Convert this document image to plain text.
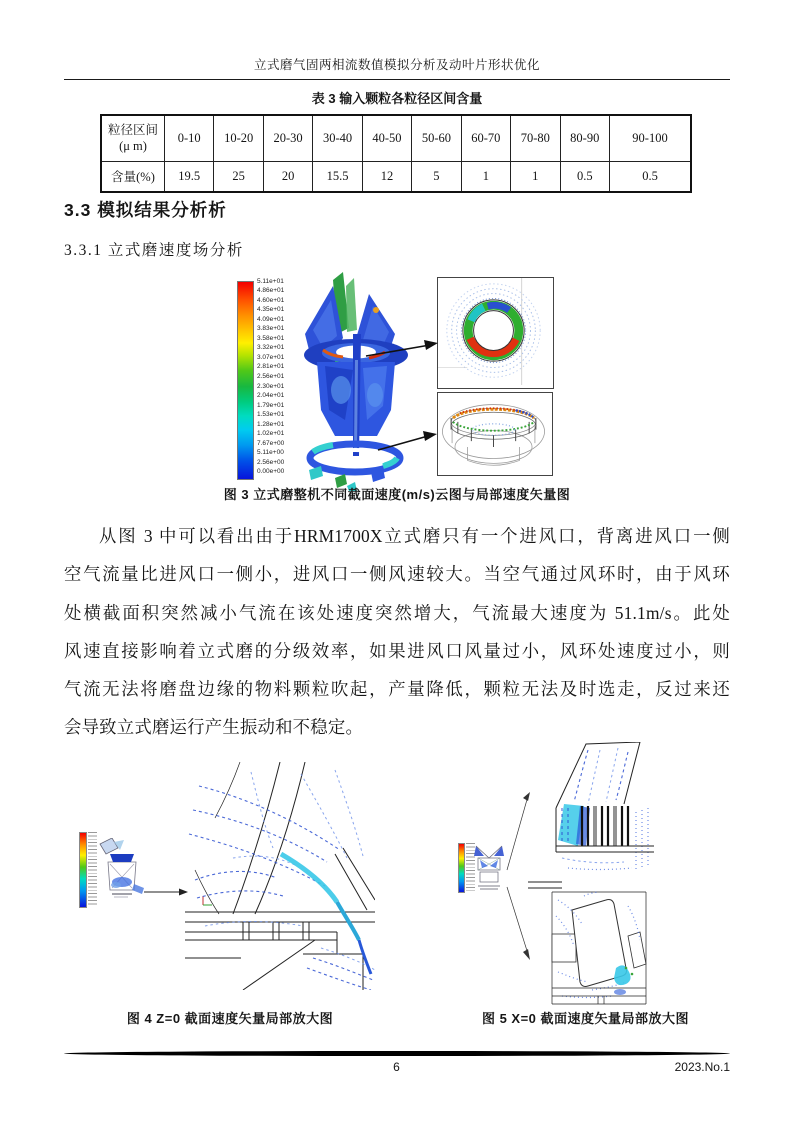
立式磨气固两相流数值模拟分析及动叶片形状优化
表 3 输入颗粒各粒径区间含量
粒径区间
(μ m)	0-10	10-20	20-30	30-40	40-50	50-60	60-70	70-80	80-90	90-100
含量(%)	19.5	25	20	15.5	12	5	1	1	0.5	0.5
3.3 模拟结果分析析
3.3.1 立式磨速度场分析
5.11e+01
4.86e+01
4.60e+01
4.35e+01
4.09e+01
3.83e+01
3.58e+01
3.32e+01
3.07e+01
2.81e+01
2.56e+01
2.30e+01
2.04e+01
1.79e+01
1.53e+01
1.28e+01
1.02e+01
7.67e+00
5.11e+00
2.56e+00
0.00e+00
图 3 立式磨整机不同截面速度(m/s)云图与局部速度矢量图
从图 3 中可以看出由于HRM1700X立式磨只有一个进风口，背离进风口一侧
空气流量比进风口一侧小，进风口一侧风速较大。当空气通过风环时，由于风环
处横截面积突然减小气流在该处速度突然增大，气流最大速度为 51.1m/s。此处
风速直接影响着立式磨的分级效率，如果进风口风量过小，风环处速度过小，则
气流无法将磨盘边缘的物料颗粒吹起，产量降低，颗粒无法及时选走，反过来还
会导致立式磨运行产生振动和不稳定。
图 4 Z=0 截面速度矢量局部放大图	图 5 X=0 截面速度矢量局部放大图
6	2023.No.1
